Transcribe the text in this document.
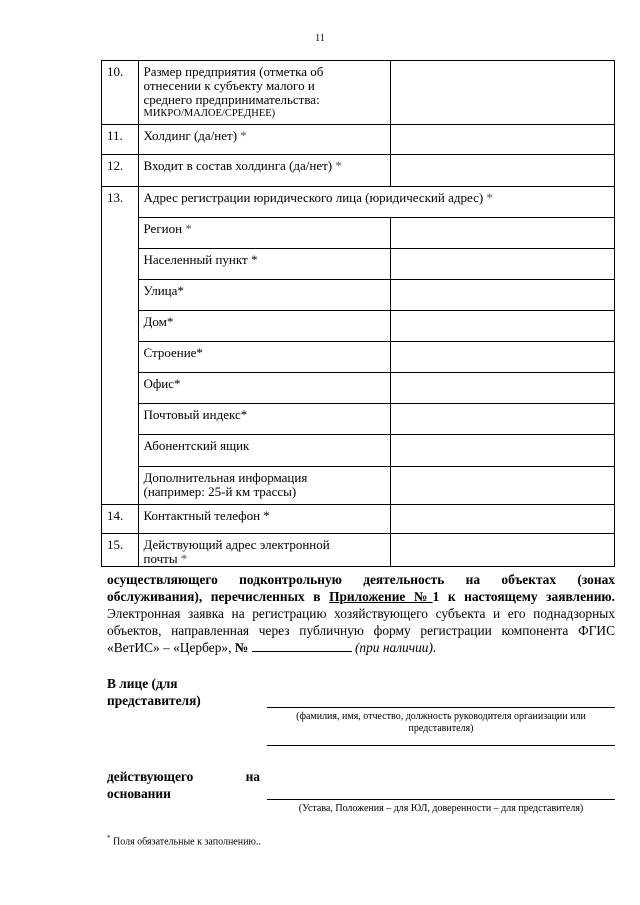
11
10.	Размер предприятия (отметка об
отнесении к субъекту малого и
среднего предпринимательства:
МИКРО/МАЛОЕ/СРЕДНЕЕ)	

11.	Холдинг (да/нет) *	
12.	Входит в состав холдинга (да/нет) *	
13.	Адрес регистрации юридического лица (юридический адрес) *	
	Регион *	
	Населенный пункт *	
	Улица*	
	Дом*	
	Строение*	
	Офис*	
	Почтовый индекс*	
	Абонентский ящик	

	Дополнительная информация
(например: 25-й км трассы)	

14.	Контактный телефон *	
15.	Действующий адрес электронной
почты *	

осуществляющего подконтрольную деятельность на объектах (зонах обслуживания), перечисленных в Приложение №1 к настоящему заявлению. Электронная заявка на регистрацию хозяйствующего субъекта и его поднадзорных объектов, направленная через публичную форму регистрации компонента ФГИС «ВетИС» – «Цербер», №	(при наличии).
В лице (для
представителя)
(фамилия, имя, отчество, должность руководителя организации или представителя)
действующего	на
основании
(Устава, Положения – для ЮЛ, доверенности – для представителя)
* Поля обязательные к заполнению..
